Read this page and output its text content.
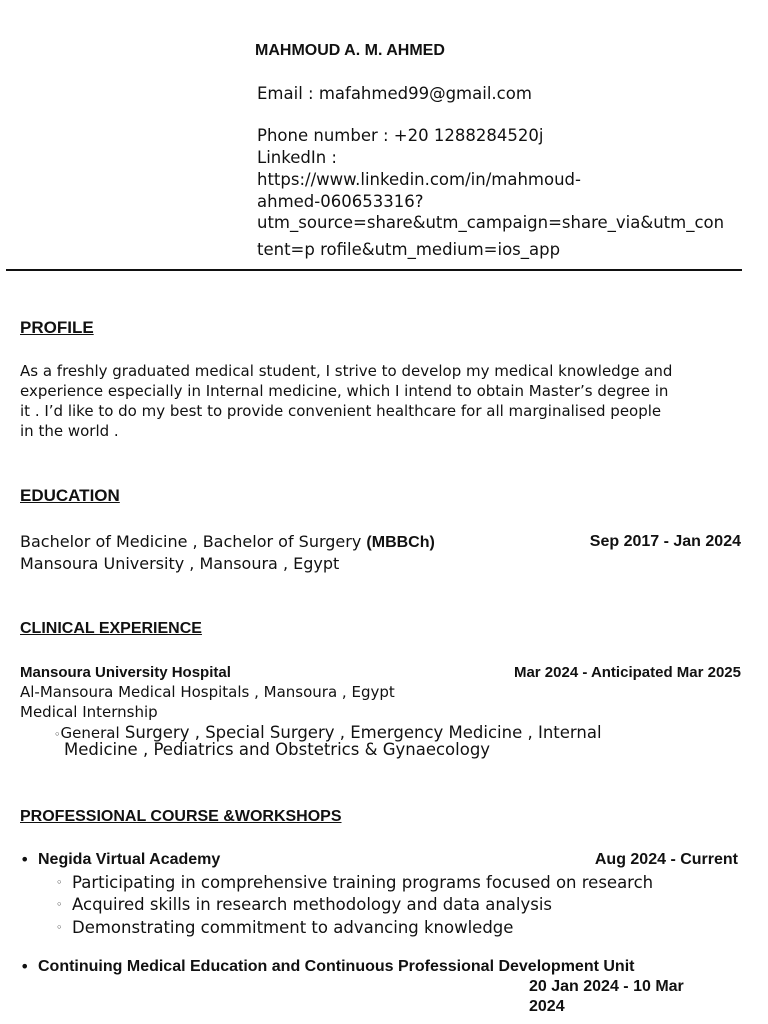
MAHMOUD A. M. AHMED
Email : mafahmed99@gmail.com
Phone number : +20 1288284520j
LinkedIn :
https://www.linkedin.com/in/mahmoud-
ahmed-060653316?
utm_source=share&utm_campaign=share_via&utm_con
tent=p rofile&utm_medium=ios_app
PROFILE
As a freshly graduated medical student, I strive to develop my medical knowledge and
experience especially in Internal medicine, which I intend to obtain Master’s degree in
it . I’d like to do my best to provide convenient healthcare for all marginalised people
in the world .
EDUCATION
Bachelor of Medicine , Bachelor of Surgery (MBBCh)	Sep 2017 - Jan 2024
Mansoura University , Mansoura , Egypt
CLINICAL EXPERIENCE
Mansoura University Hospital	Mar 2024 - Anticipated Mar 2025
Al-Mansoura Medical Hospitals , Mansoura , Egypt
Medical Internship
◦General Surgery , Special Surgery , Emergency Medicine , Internal
Medicine , Pediatrics and Obstetrics & Gynaecology
PROFESSIONAL COURSE &WORKSHOPS
• Negida Virtual Academy	Aug 2024 - Current
◦ Participating in comprehensive training programs focused on research
◦ Acquired skills in research methodology and data analysis
◦ Demonstrating commitment to advancing knowledge
• Continuing Medical Education and Continuous Professional Development Unit
20 Jan 2024 - 10 Mar
2024
